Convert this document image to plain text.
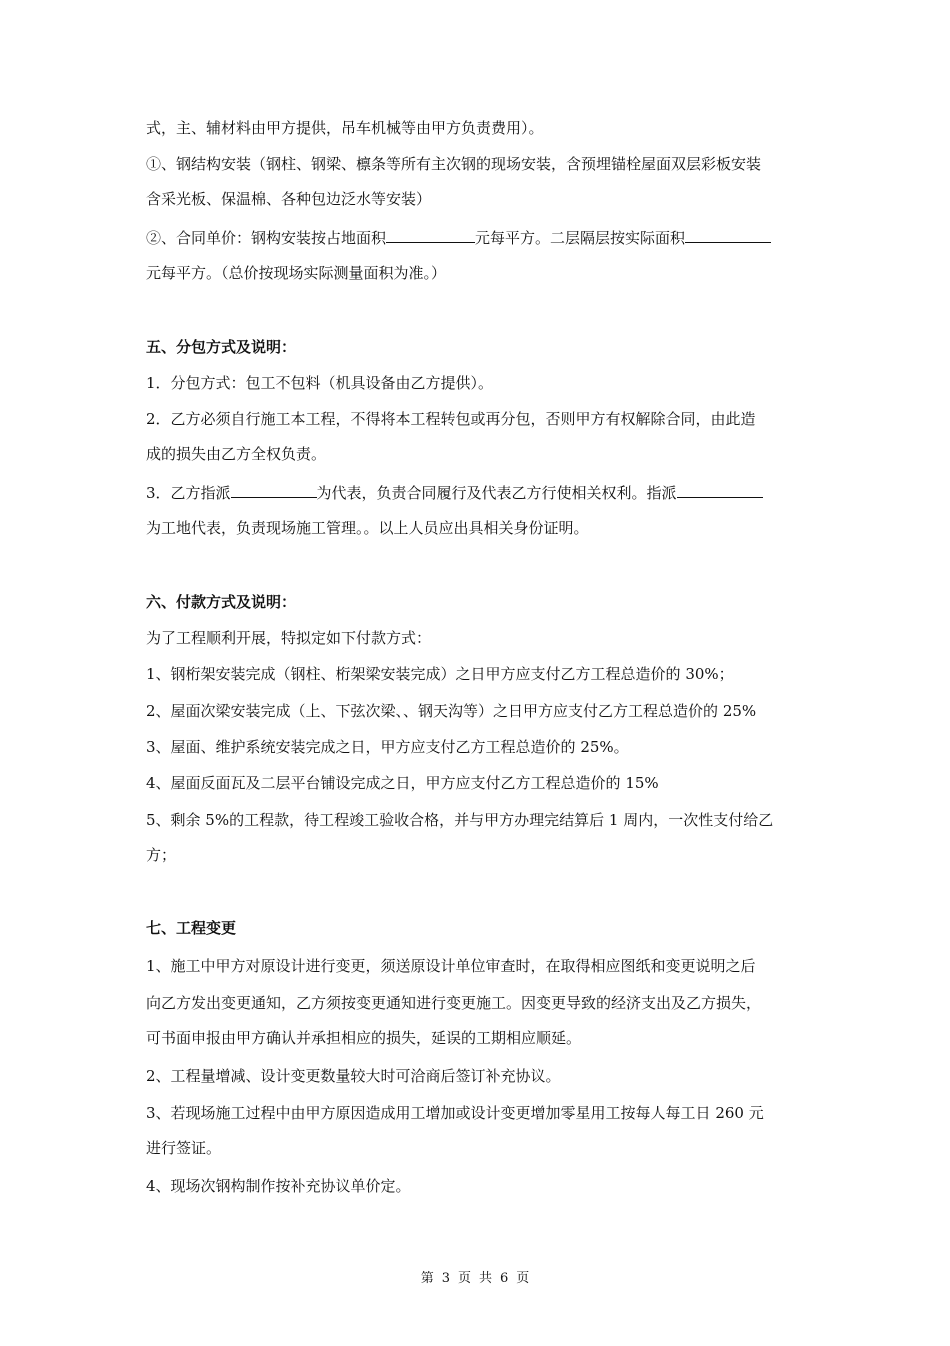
式，主、辅材料由甲方提供，吊车机械等由甲方负责费用）。
①、钢结构安装（钢柱、钢梁、檩条等所有主次钢的现场安装，含预埋锚栓屋面双层彩板安装
含采光板、保温棉、各种包边泛水等安装）
②、合同单价：钢构安装按占地面积	元每平方。二层隔层按实际面积
元每平方。（总价按现场实际测量面积为准。）
五、分包方式及说明：
1．分包方式：包工不包料（机具设备由乙方提供）。
2．乙方必须自行施工本工程，不得将本工程转包或再分包，否则甲方有权解除合同，由此造
成的损失由乙方全权负责。
3．乙方指派	为代表，负责合同履行及代表乙方行使相关权利。指派
为工地代表，负责现场施工管理。。以上人员应出具相关身份证明。
六、付款方式及说明：
为了工程顺利开展，特拟定如下付款方式：
1、钢桁架安装完成（钢柱、桁架梁安装完成）之日甲方应支付乙方工程总造价的 30%；
2、屋面次梁安装完成（上、下弦次梁、、钢天沟等）之日甲方应支付乙方工程总造价的 25%
3、屋面、维护系统安装完成之日，甲方应支付乙方工程总造价的 25%。
4、屋面反面瓦及二层平台铺设完成之日，甲方应支付乙方工程总造价的 15%
5、剩余 5%的工程款，待工程竣工验收合格，并与甲方办理完结算后 1 周内，一次性支付给乙
方；
七、工程变更
1、施工中甲方对原设计进行变更，须送原设计单位审查时，在取得相应图纸和变更说明之后
向乙方发出变更通知，乙方须按变更通知进行变更施工。因变更导致的经济支出及乙方损失，
可书面申报由甲方确认并承担相应的损失，延误的工期相应顺延。
2、工程量增减、设计变更数量较大时可洽商后签订补充协议。
3、若现场施工过程中由甲方原因造成用工增加或设计变更增加零星用工按每人每工日 260 元
进行签证。
4、现场次钢构制作按补充协议单价定。
第 3 页 共 6 页
